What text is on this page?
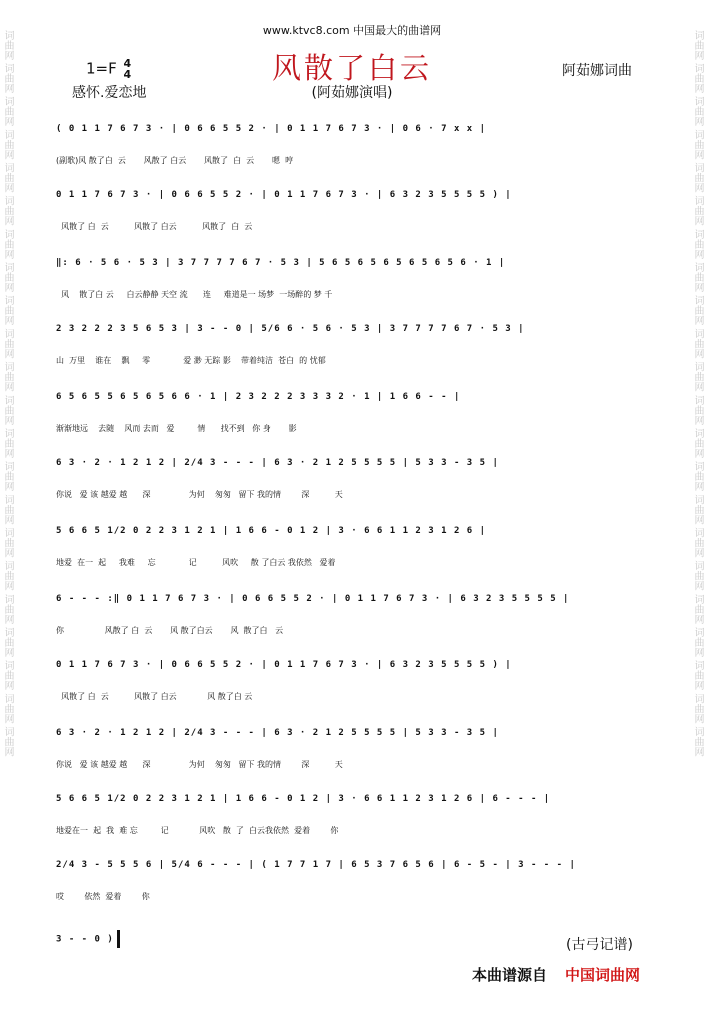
词曲网 词曲网 词曲网 词曲网 词曲网 词曲网 词曲网 词曲网 词曲网 词曲网 词曲网 词曲网 词曲网 词曲网 词曲网 词曲网 词曲网 词曲网 词曲网 词曲网 词曲网 词曲网	词曲网 词曲网 词曲网 词曲网 词曲网 词曲网 词曲网 词曲网 词曲网 词曲网 词曲网 词曲网 词曲网 词曲网 词曲网 词曲网 词曲网 词曲网 词曲网 词曲网 词曲网 词曲网
www.ktvc8.com 中国最大的曲谱网
1=F 4
4	风散了白云	阿茹娜词曲
感怀.爱恋地	(阿茹娜演唱)
( 0 1 1 7 6 7 3 · | 0 6 6 5 5 2 · | 0 1 1 7 6 7 3 · | 0 6 · 7 x x |
(副歌)风 散了白  云       风散了 白云       风散了  白  云       嗯  哼
0 1 1 7 6 7 3 · | 0 6 6 5 5 2 · | 0 1 1 7 6 7 3 · | 6 3 2 3 5 5 5 5 ) |
风散了 白  云          风散了 白云          风散了  白  云
‖: 6 · 5 6 · 5 3 | 3 7 7 7 7 6 7 · 5 3 | 5 6 5 6 5 6 5 6 5 6 5 6 · 1 |
风    散了白 云     白云静静 天空 流      连     难道是一 场梦  一场醉的 梦 千
2 3 2 2 2 3 5 6 5 3 | 3 - - 0 | 5/6 6 · 5 6 · 5 3 | 3 7 7 7 7 6 7 · 5 3 |
山  万里    谁在    飘     零             爱 渺 无踪 影    带着纯洁  苍白  的 忧郁
6 5 6 5 5 6 5 6 5 6 6 · 1 | 2 3 2 2 2 3 3 3 2 · 1 | 1 6 6 - - |
渐渐地远    去随    风而 去而   爱         情      找不到   你 身       影
6 3 · 2 · 1 2 1 2 | 2/4 3 - - - | 6 3 · 2 1 2 5 5 5 5 | 5 3 3 - 3 5 |
你说   爱 该 越爱 越      深               为何    匆匆   留下 我的情        深          天
5 6 6 5 1/2 0 2 2 3 1 2 1 | 1 6 6 - 0 1 2 | 3 · 6 6 1 1 2 3 1 2 6 |
地爱  在一  起     我难     忘             记          风吹     散 了白云 我依然   爱着
6 - - - :‖ 0 1 1 7 6 7 3 · | 0 6 6 5 5 2 · | 0 1 1 7 6 7 3 · | 6 3 2 3 5 5 5 5 |
你                风散了 白  云       风 散了白云       风  散了白   云
0 1 1 7 6 7 3 · | 0 6 6 5 5 2 · | 0 1 1 7 6 7 3 · | 6 3 2 3 5 5 5 5 ) |
风散了 白  云          风散了 白云            风 散了白 云
6 3 · 2 · 1 2 1 2 | 2/4 3 - - - | 6 3 · 2 1 2 5 5 5 5 | 5 3 3 - 3 5 |
你说   爱 该 越爱 越      深               为何    匆匆   留下 我的情        深          天
5 6 6 5 1/2 0 2 2 3 1 2 1 | 1 6 6 - 0 1 2 | 3 · 6 6 1 1 2 3 1 2 6 | 6 - - - |
地爱在一  起  我  难 忘         记            风吹   散  了  白云我依然  爱着        你
2/4 3 - 5 5 5 6 | 5/4 6 - - - | ( 1 7 7 1 7 | 6 5 3 7 6 5 6 | 6 - 5 - | 3 - - - |
哎        依然  爱着        你
3 - - 0 )	(古弓记谱)
本曲谱源自 中国词曲网
